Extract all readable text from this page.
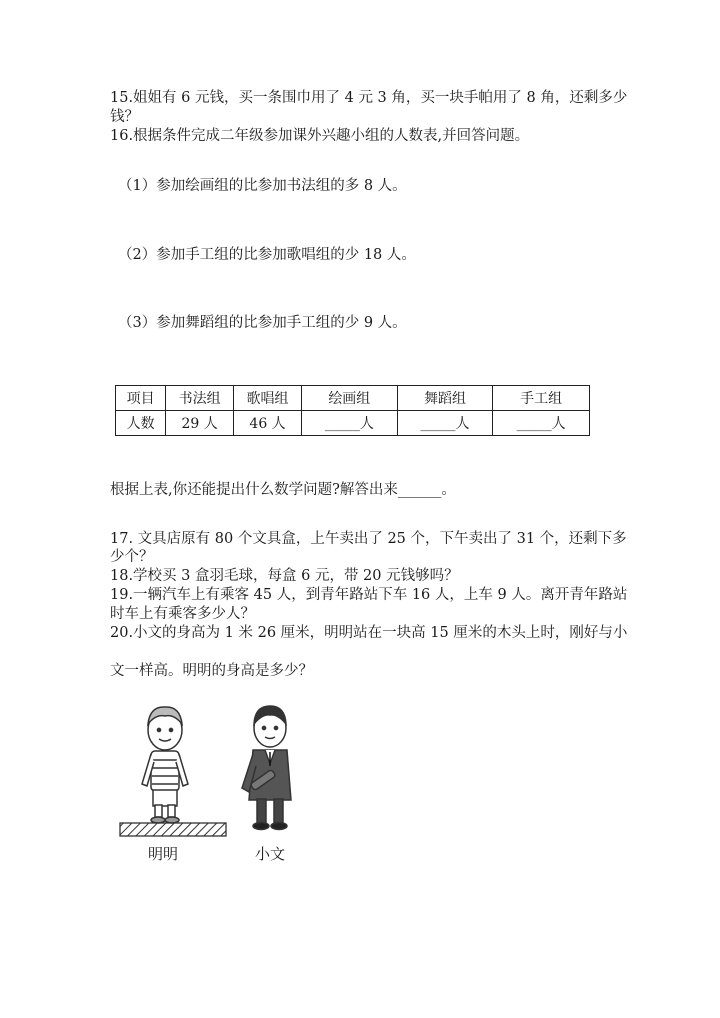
15.姐姐有 6 元钱，买一条围巾用了 4 元 3 角，买一块手帕用了 8 角，还剩多少
钱？
16.根据条件完成二年级参加课外兴趣小组的人数表,并回答问题。
（1）参加绘画组的比参加书法组的多 8 人。
（2）参加手工组的比参加歌唱组的少 18 人。
（3）参加舞蹈组的比参加手工组的少 9 人。
项目	书法组	歌唱组	绘画组	舞蹈组	手工组
人数	29 人	46 人	_____人	_____人	_____人
根据上表,你还能提出什么数学问题?解答出来______。
17. 文具店原有 80 个文具盒，上午卖出了 25 个，下午卖出了 31 个，还剩下多
少个？
18.学校买 3 盒羽毛球，每盒 6 元，带 20 元钱够吗？
19.一辆汽车上有乘客 45 人，到青年路站下车 16 人，上车 9 人。离开青年路站
时车上有乘客多少人？
20.小文的身高为 1 米 26 厘米，明明站在一块高 15 厘米的木头上时，刚好与小
文一样高。明明的身高是多少？
明明	小文
